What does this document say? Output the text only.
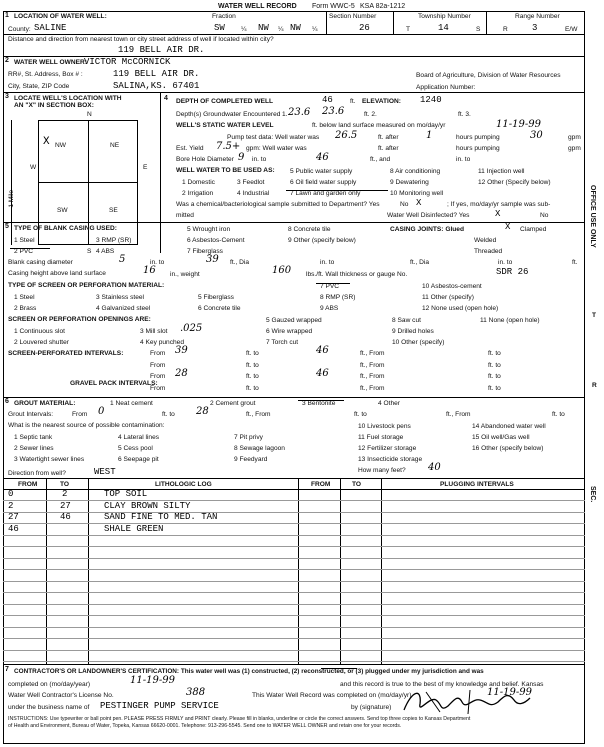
WATER WELL RECORD Form WWC-5 KSA 82a-1212
1 LOCATION OF WATER WELL:
County: SALINE
Fraction
SW ¼ NW ¼ NW ¼
Section Number
26
Township Number
T	14	S
Range Number
R	3	E/W
Distance and direction from nearest town or city street address of well if located within city?
119 BELL AIR DR.
2 WATER WELL OWNER:
VICTOR McCORNICK
RR#, St. Address, Box # :	119 BELL AIR DR.	Board of Agriculture, Division of Water Resources
City, State, ZIP Code	SALINA,KS. 67401	Application Number:
3 LOCATE WELL'S LOCATION WITH
AN "X" IN SECTION BOX:
N
S
W	E
NW	NE
SW	SE
X
4 DEPTH OF COMPLETED WELL	46	ft. ELEVATION: 1240
Depth(s) Groundwater Encountered 1. 23.6 23.6	ft. 2.	ft. 3.
WELL'S STATIC WATER LEVEL	ft. below land surface measured on mo/day/yr	11-19-99
Pump test data: Well water was 26.5	ft. after	1	hours pumping	30	gpm
Est. Yield 7.5+ gpm: Well water was	ft. after	hours pumping	gpm
Bore Hole Diameter 9 in. to	46	ft., and	in. to
WELL WATER TO BE USED AS:
1 Domestic
2 Irrigation
3 Feedlot
4 Industrial
5 Public water supply
6 Oil field water supply
7 Lawn and garden only
8 Air conditioning
9 Dewatering
10 Monitoring well
11 Injection well
12 Other (Specify below)
Was a chemical/bacteriological sample submitted to Department? Yes	No X	; If yes, mo/day/yr sample was sub-
mitted	Water Well Disinfected? Yes	X	No
5 TYPE OF BLANK CASING USED:
1 Steel
2 PVC
3 RMP (SR)
4 ABS
5 Wrought iron
6 Asbestos-Cement
7 Fiberglass
8 Concrete tile
9 Other (specify below)
CASING JOINTS: Glued	X Clamped
Welded
Threaded
Blank casing diameter	5	in. to	39 ft., Dia	in. to	ft., Dia	in. to	ft.
Casing height above land surface	16 in., weight	160 lbs./ft. Wall thickness or gauge No.	SDR 26
TYPE OF SCREEN OR PERFORATION MATERIAL:
1 Steel
2 Brass
3 Stainless steel
4 Galvanized steel
5 Fiberglass
6 Concrete tile
7 PVC
8 RMP (SR)
9 ABS
10 Asbestos-cement
11 Other (specify)
12 None used (open hole)
SCREEN OR PERFORATION OPENINGS ARE:
1 Continuous slot
2 Louvered shutter
3 Mill slot .025
4 Key punched
5 Gauzed wrapped
6 Wire wrapped
7 Torch cut
8 Saw cut
9 Drilled holes
10 Other (specify)
11 None (open hole)
SCREEN-PERFORATED INTERVALS:	From 39	ft. to	46	ft., From	ft. to
From	ft. to	ft., From	ft. to
GRAVEL PACK INTERVALS:
From 28	ft. to	46	ft., From	ft. to
From	ft. to	ft., From	ft. to
6 GROUT MATERIAL:	1 Neat cement	2 Cement grout	3 Bentonite	4 Other
Grout Intervals:	From 0	ft. to 28	ft., From	ft. to	ft., From	ft. to
What is the nearest source of possible contamination:
1 Septic tank
2 Sewer lines
3 Watertight sewer lines
4 Lateral lines
5 Cess pool
6 Seepage pit
7 Pit privy
8 Sewage lagoon
9 Feedyard
10 Livestock pens
11 Fuel storage
12 Fertilizer storage
13 Insecticide storage
14 Abandoned water well
15 Oil well/Gas well
16 Other (specify below)
How many feet? 40
Direction from well?	WEST
FROM	TO	LITHOLOGIC LOG	FROM	TO	PLUGGING INTERVALS
0	2	TOP SOIL
2	27	CLAY BROWN SILTY
27	46	SAND FINE TO MED. TAN
46	SHALE GREEN
7 CONTRACTOR'S OR LANDOWNER'S CERTIFICATION: This water well was (1) constructed, (2) reconstructed, or (3) plugged under my jurisdiction and was
completed on (mo/day/year)	11-19-99	and this record is true to the best of my knowledge and belief. Kansas
Water Well Contractor's License No.	388	This Water Well Record was completed on (mo/day/yr)	11-19-99
under the business name of PESTINGER PUMP SERVICE	by (signature)
INSTRUCTIONS: Use typewriter or ball point pen. PLEASE PRESS FIRMLY and PRINT clearly. Please fill in blanks, underline or circle the correct answers. Send top three copies to Kansas Department
of Health and Environment, Bureau of Water, Topeka, Kansas 66620-0001. Telephone: 913-296-5545. Send one to WATER WELL OWNER and retain one for your records.
OFFICE USE ONLY
T
R
SEC.
